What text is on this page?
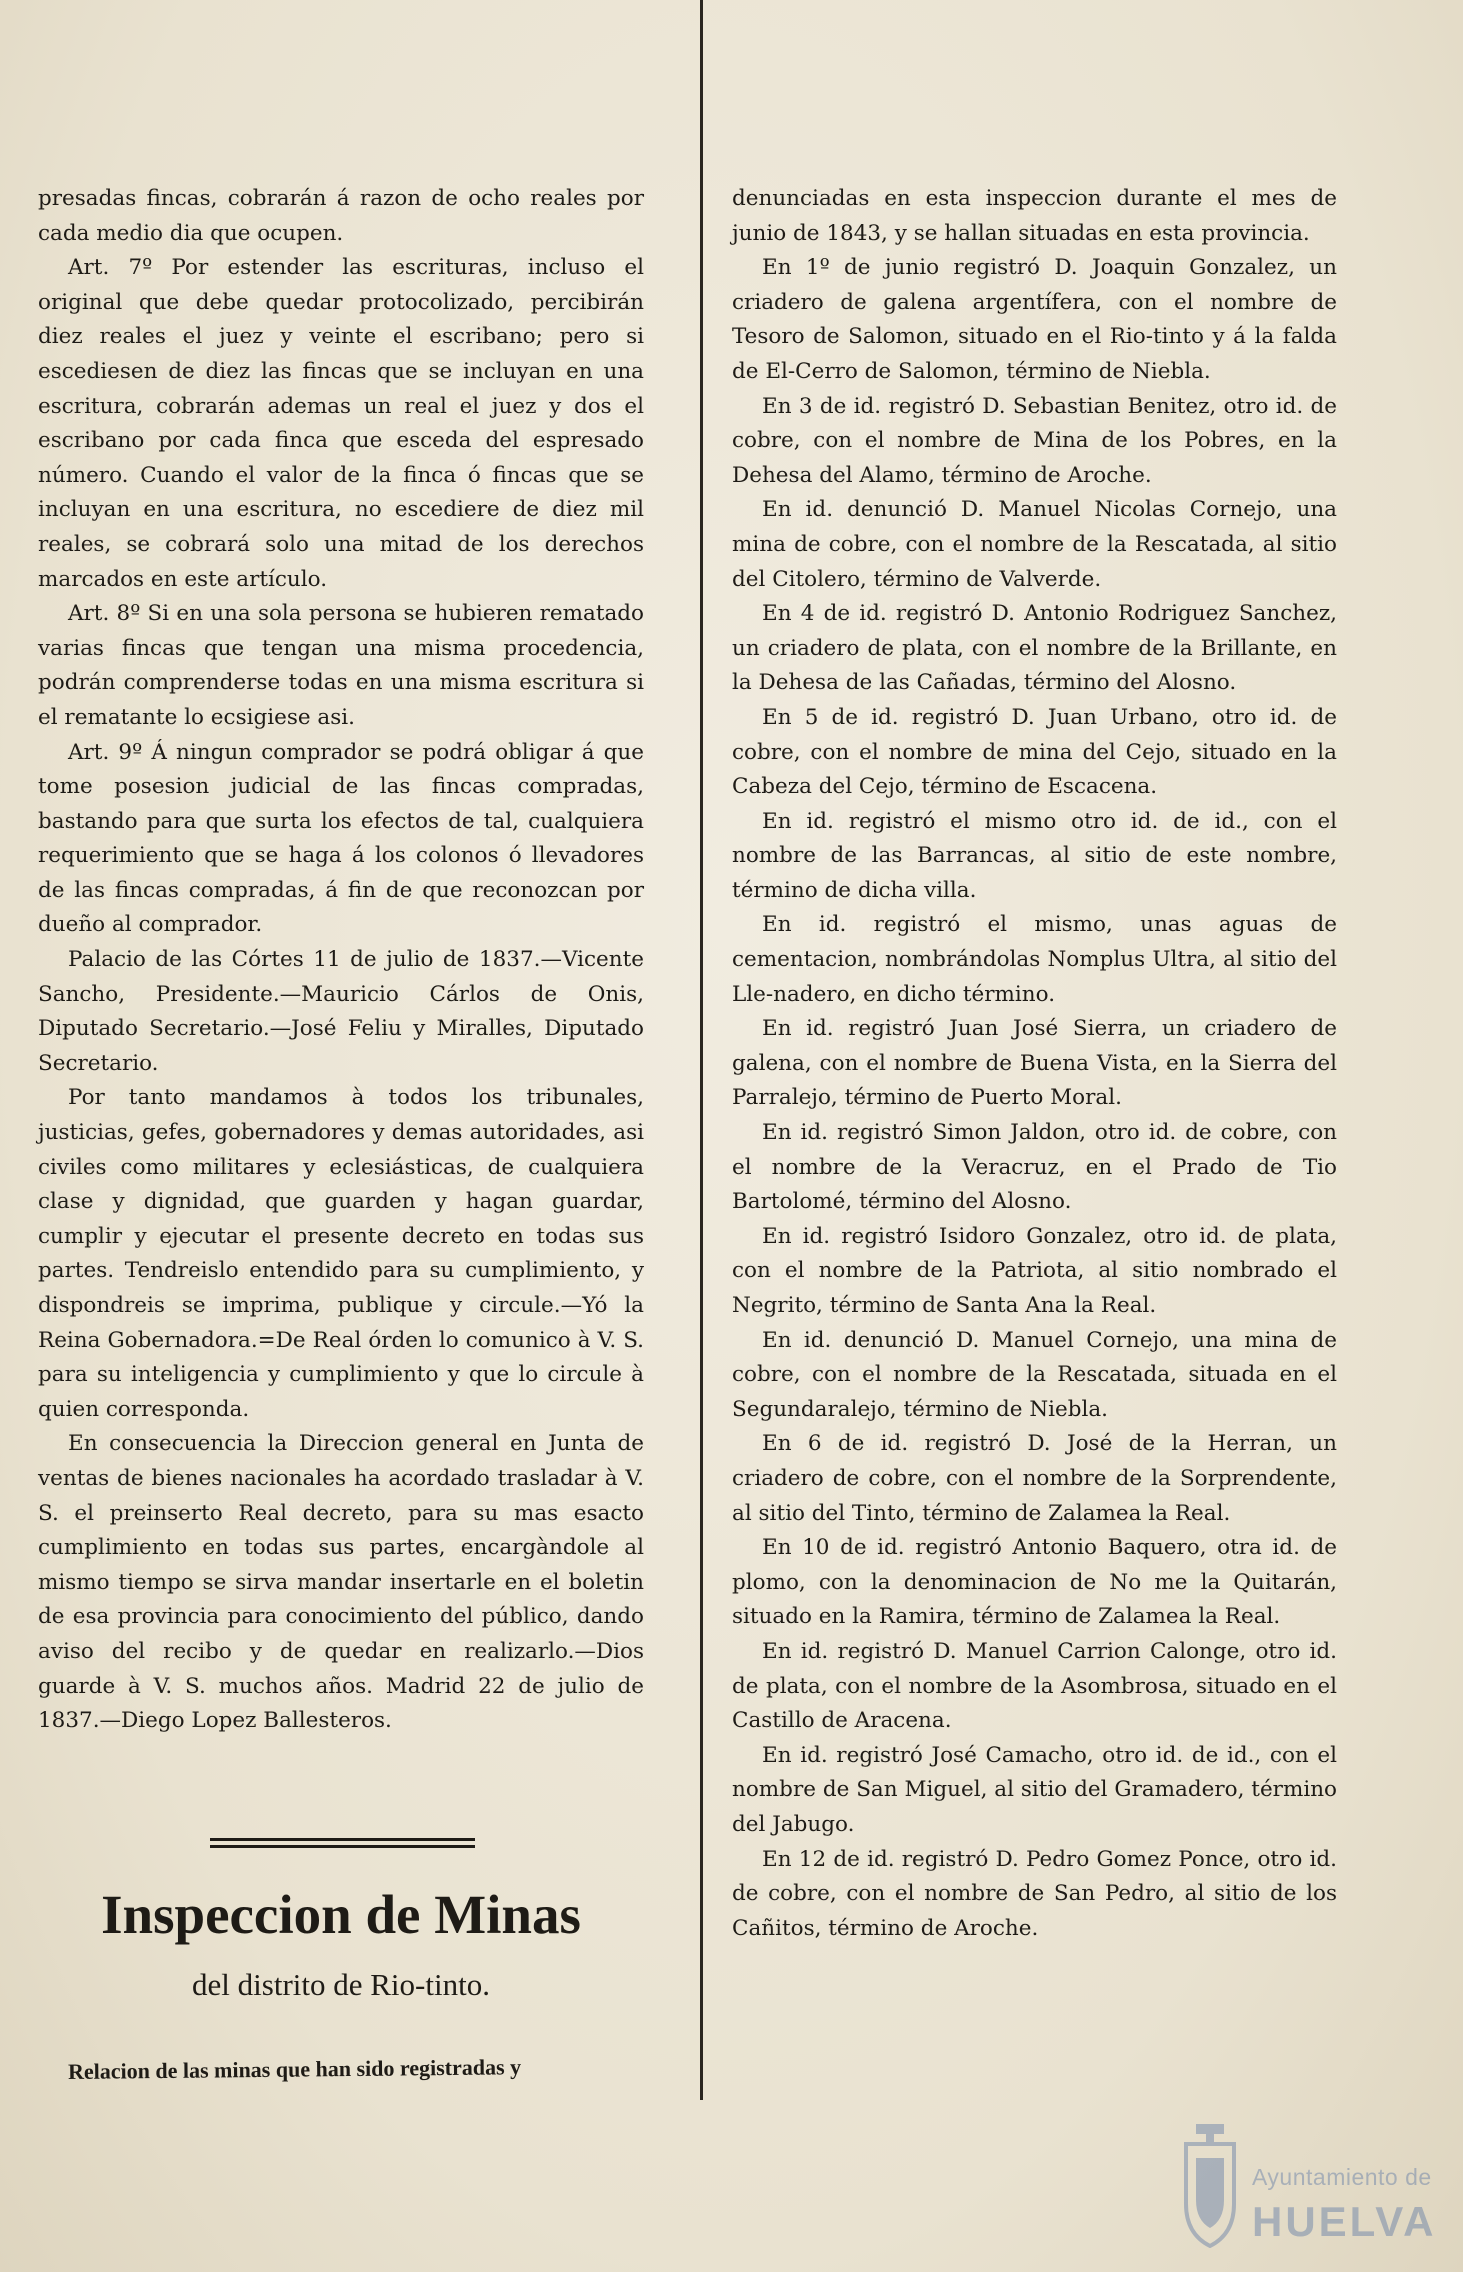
presadas fincas, cobrarán á razon de ocho reales por cada medio dia que ocupen.

Art. 7º Por estender las escrituras, incluso el original que debe quedar protocolizado, percibirán diez reales el juez y veinte el escribano; pero si escediesen de diez las fincas que se incluyan en una escritura, cobrarán ademas un real el juez y dos el escribano por cada finca que esceda del espresado número. Cuando el valor de la finca ó fincas que se incluyan en una escritura, no escediere de diez mil reales, se cobrará solo una mitad de los derechos marcados en este artículo.

Art. 8º Si en una sola persona se hubieren rematado varias fincas que tengan una misma procedencia, podrán comprenderse todas en una misma escritura si el rematante lo ecsigiese asi.

Art. 9º Á ningun comprador se podrá obligar á que tome posesion judicial de las fincas compradas, bastando para que surta los efectos de tal, cualquiera requerimiento que se haga á los colonos ó llevadores de las fincas compradas, á fin de que reconozcan por dueño al comprador.

Palacio de las Córtes 11 de julio de 1837.—Vicente Sancho, Presidente.—Mauricio Cárlos de Onis, Diputado Secretario.—José Feliu y Miralles, Diputado Secretario.

Por tanto mandamos à todos los tribunales, justicias, gefes, gobernadores y demas autoridades, asi civiles como militares y eclesiásticas, de cualquiera clase y dignidad, que guarden y hagan guardar, cumplir y ejecutar el presente decreto en todas sus partes. Tendreislo entendido para su cumplimiento, y dispondreis se imprima, publique y circule.—Yó la Reina Gobernadora.=De Real órden lo comunico à V. S. para su inteligencia y cumplimiento y que lo circule à quien corresponda.

En consecuencia la Direccion general en Junta de ventas de bienes nacionales ha acordado trasladar à V. S. el preinserto Real decreto, para su mas esacto cumplimiento en todas sus partes, encargàndole al mismo tiempo se sirva mandar insertarle en el boletin de esa provincia para conocimiento del público, dando aviso del recibo y de quedar en realizarlo.—Dios guarde à V. S. muchos años. Madrid 22 de julio de 1837.—Diego Lopez Ballesteros.

denunciadas en esta inspeccion durante el mes de junio de 1843, y se hallan situadas en esta provincia.

En 1º de junio registró D. Joaquin Gonzalez, un criadero de galena argentífera, con el nombre de Tesoro de Salomon, situado en el Rio-tinto y á la falda de El-Cerro de Salomon, término de Niebla.

En 3 de id. registró D. Sebastian Benitez, otro id. de cobre, con el nombre de Mina de los Pobres, en la Dehesa del Alamo, término de Aroche.

En id. denunció D. Manuel Nicolas Cornejo, una mina de cobre, con el nombre de la Rescatada, al sitio del Citolero, término de Valverde.

En 4 de id. registró D. Antonio Rodriguez Sanchez, un criadero de plata, con el nombre de la Brillante, en la Dehesa de las Cañadas, término del Alosno.

En 5 de id. registró D. Juan Urbano, otro id. de cobre, con el nombre de mina del Cejo, situado en la Cabeza del Cejo, término de Escacena.

En id. registró el mismo otro id. de id., con el nombre de las Barrancas, al sitio de este nombre, término de dicha villa.

En id. registró el mismo, unas aguas de cementacion, nombrándolas Nomplus Ultra, al sitio del Lle-nadero, en dicho término.

En id. registró Juan José Sierra, un criadero de galena, con el nombre de Buena Vista, en la Sierra del Parralejo, término de Puerto Moral.

En id. registró Simon Jaldon, otro id. de cobre, con el nombre de la Veracruz, en el Prado de Tio Bartolomé, término del Alosno.

En id. registró Isidoro Gonzalez, otro id. de plata, con el nombre de la Patriota, al sitio nombrado el Negrito, término de Santa Ana la Real.

En id. denunció D. Manuel Cornejo, una mina de cobre, con el nombre de la Rescatada, situada en el Segundaralejo, término de Niebla.

En 6 de id. registró D. José de la Herran, un criadero de cobre, con el nombre de la Sorprendente, al sitio del Tinto, término de Zalamea la Real.

En 10 de id. registró Antonio Baquero, otra id. de plomo, con la denominacion de No me la Quitarán, situado en la Ramira, término de Zalamea la Real.

En id. registró D. Manuel Carrion Calonge, otro id. de plata, con el nombre de la Asombrosa, situado en el Castillo de Aracena.

En id. registró José Camacho, otro id. de id., con el nombre de San Miguel, al sitio del Gramadero, término del Jabugo.

En 12 de id. registró D. Pedro Gomez Ponce, otro id. de cobre, con el nombre de San Pedro, al sitio de los Cañitos, término de Aroche.

Inspeccion de Minas
del distrito de Rio-tinto.
Relacion de las minas que han sido registradas y
Ayuntamiento de
HUELVA
